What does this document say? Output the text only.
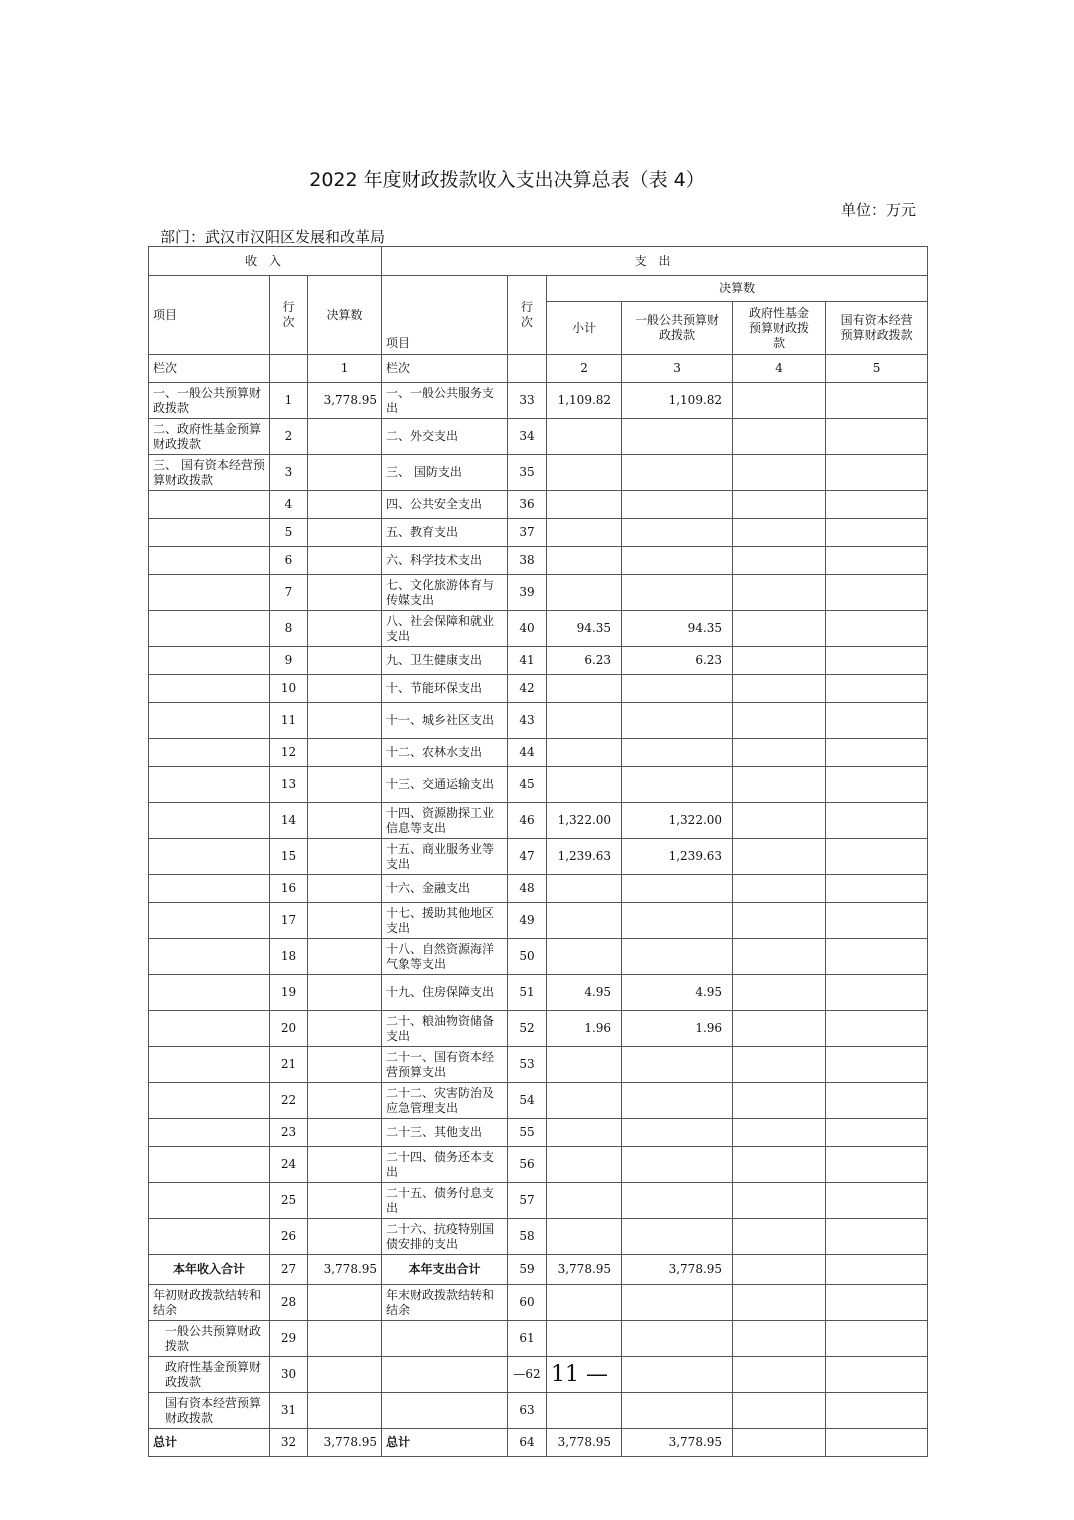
2022 年度财政拨款收入支出决算总表（表 4）
单位：万元
部门：武汉市汉阳区发展和改革局
收 入			支 出					
项目	行次	决算数	项目	行次	决算数			
					小计	一般公共预算财政拨款	政府性基金预算财政拨款	国有资本经营预算财政拨款
栏次		1	栏次		2	3	4	5
一、一般公共预算财政拨款	1	3,778.95	一、一般公共服务支出	33	1,109.82	1,109.82		
二、政府性基金预算财政拨款	2		二、外交支出	34				
三、 国有资本经营预算财政拨款	3		三、 国防支出	35				
	4		四、公共安全支出	36				
	5		五、教育支出	37				
	6		六、科学技术支出	38				
	7		七、文化旅游体育与传媒支出	39				
	8		八、社会保障和就业支出	40	94.35	94.35		
	9		九、卫生健康支出	41	6.23	6.23		
	10		十、节能环保支出	42				
	11		十一、城乡社区支出	43				
	12		十二、农林水支出	44				
	13		十三、交通运输支出	45				
	14		十四、资源勘探工业信息等支出	46	1,322.00	1,322.00		
	15		十五、商业服务业等支出	47	1,239.63	1,239.63		
	16		十六、金融支出	48				
	17		十七、援助其他地区支出	49				
	18		十八、自然资源海洋气象等支出	50				
	19		十九、住房保障支出	51	4.95	4.95		
	20		二十、粮油物资储备支出	52	1.96	1.96		
	21		二十一、国有资本经营预算支出	53				
	22		二十二、灾害防治及应急管理支出	54				
	23		二十三、其他支出	55				
	24		二十四、债务还本支出	56				
	25		二十五、债务付息支出	57				
	26		二十六、抗疫特别国债安排的支出	58				
本年收入合计	27	3,778.95	本年支出合计	59	3,778.95	3,778.95		
年初财政拨款结转和结余	28		年末财政拨款结转和结余	60				
一般公共预算财政拨款	29			61				
政府性基金预算财政拨款	30			—62	11 —			
国有资本经营预算财政拨款	31			63				
总计	32	3,778.95	总计	64	3,778.95	3,778.95		
